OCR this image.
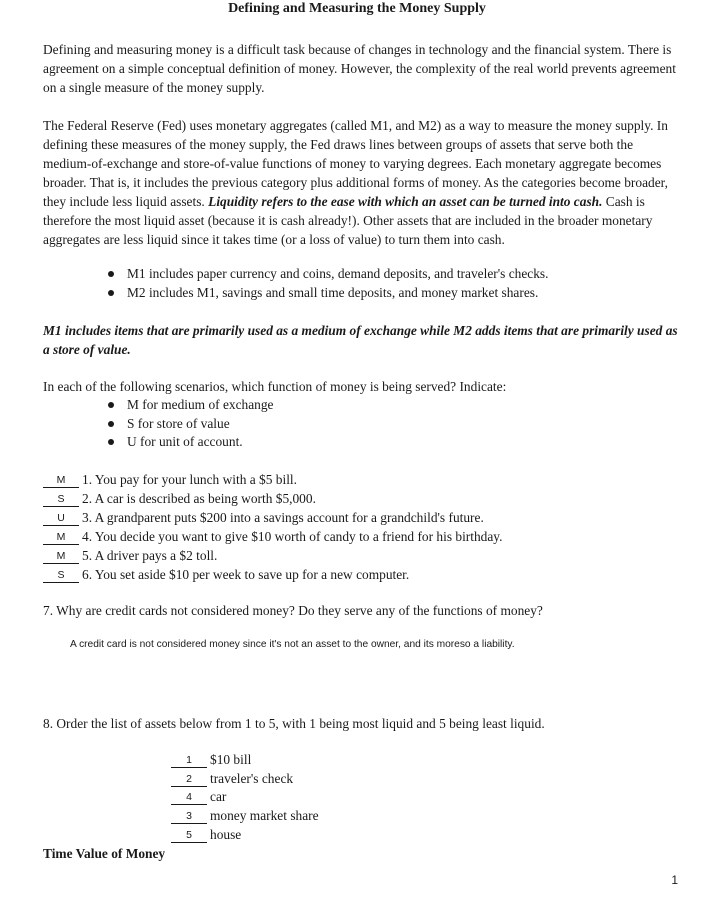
Defining and Measuring the Money Supply
Defining and measuring money is a difficult task because of changes in technology and the financial system. There is agreement on a simple conceptual definition of money. However, the complexity of the real world prevents agreement on a single measure of the money supply.
The Federal Reserve (Fed) uses monetary aggregates (called M1, and M2) as a way to measure the money supply. In defining these measures of the money supply, the Fed draws lines between groups of assets that serve both the medium-of-exchange and store-of-value functions of money to varying degrees. Each monetary aggregate becomes broader. That is, it includes the previous category plus additional forms of money. As the categories become broader, they include less liquid assets. Liquidity refers to the ease with which an asset can be turned into cash. Cash is therefore the most liquid asset (because it is cash already!). Other assets that are included in the broader monetary aggregates are less liquid since it takes time (or a loss of value) to turn them into cash.
M1 includes paper currency and coins, demand deposits, and traveler's checks.
M2 includes M1, savings and small time deposits, and money market shares.
M1 includes items that are primarily used as a medium of exchange while M2 adds items that are primarily used as a store of value.
In each of the following scenarios, which function of money is being served? Indicate:
M for medium of exchange
S for store of value
U for unit of account.
M 1. You pay for your lunch with a $5 bill.
S 2. A car is described as being worth $5,000.
U 3. A grandparent puts $200 into a savings account for a grandchild's future.
M 4. You decide you want to give $10 worth of candy to a friend for his birthday.
M 5. A driver pays a $2 toll.
S 6. You set aside $10 per week to save up for a new computer.
7. Why are credit cards not considered money? Do they serve any of the functions of money?
A credit card is not considered money since it's not an asset to the owner, and its moreso a liability.
8. Order the list of assets below from 1 to 5, with 1 being most liquid and 5 being least liquid.
1 $10 bill
2 traveler's check
4 car
3 money market share
5 house
Time Value of Money
1
